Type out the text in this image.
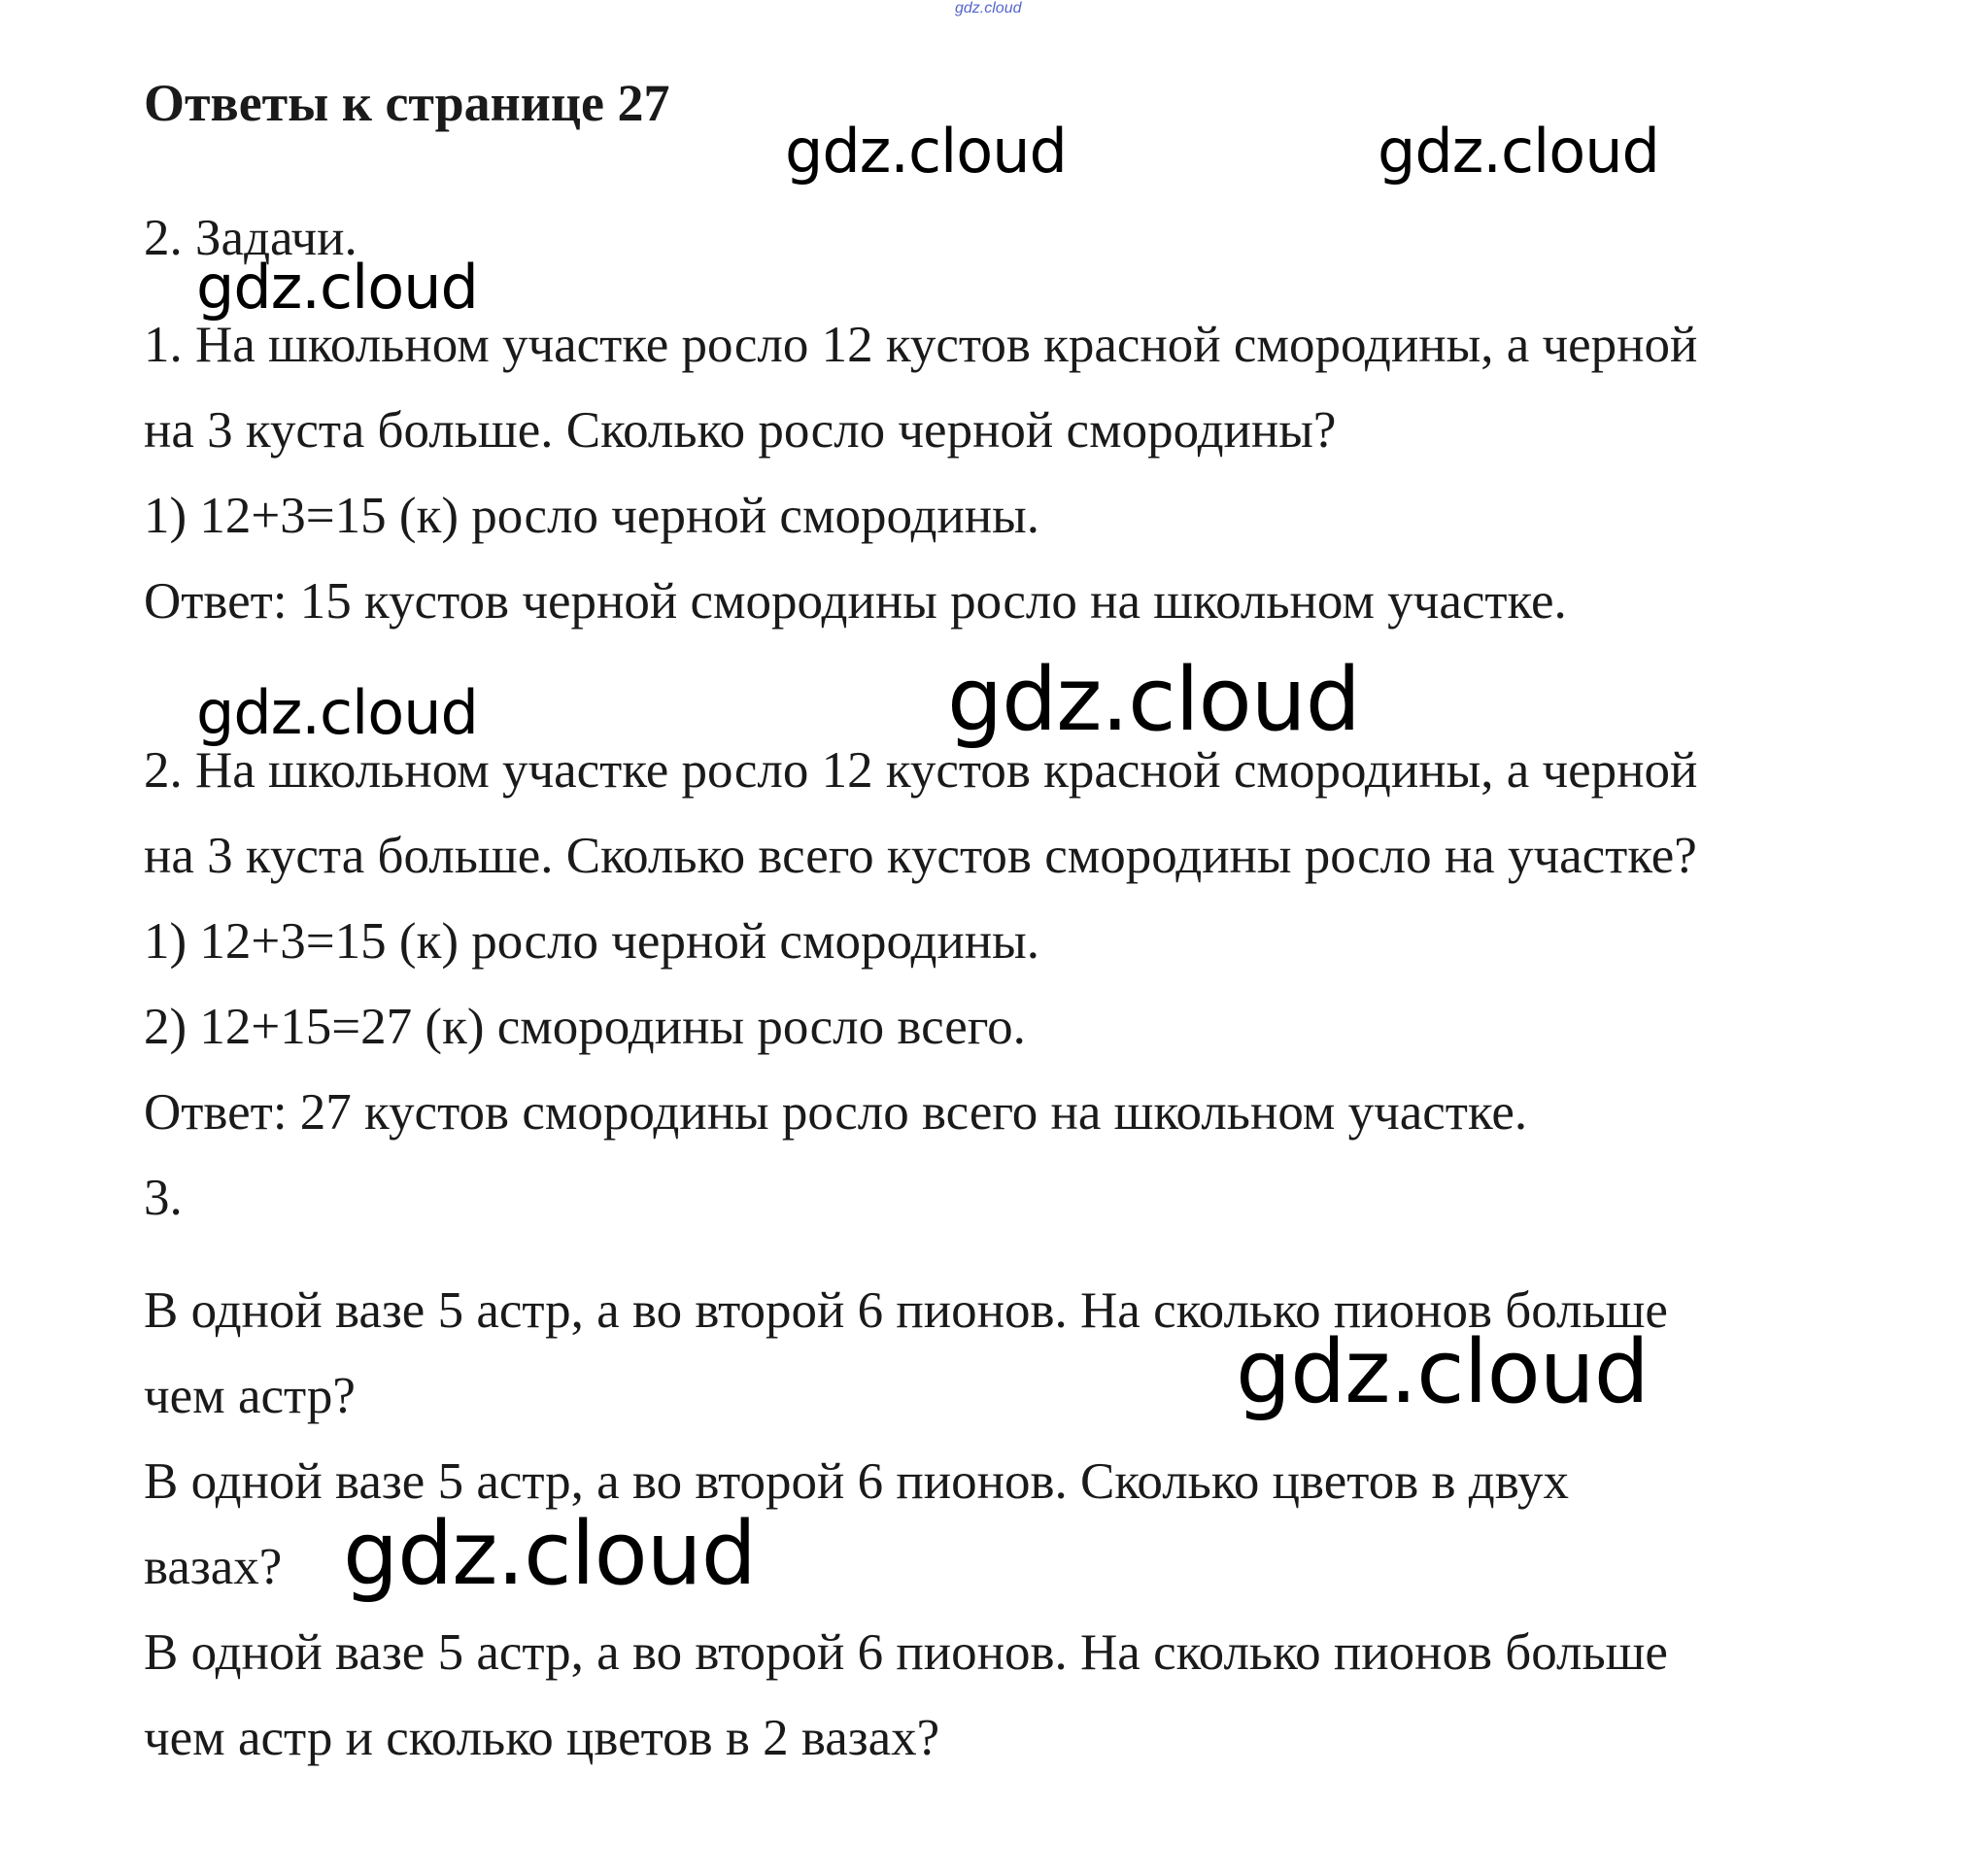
gdz.cloud
Ответы к странице 27
2. Задачи.
1. На школьном участке росло 12 кустов красной смородины, а черной
на 3 куста больше. Сколько росло черной смородины?
1) 12+3=15 (к) росло черной смородины.
Ответ: 15 кустов черной смородины росло на школьном участке.
2. На школьном участке росло 12 кустов красной смородины, а черной
на 3 куста больше. Сколько всего кустов смородины росло на участке?
1) 12+3=15 (к) росло черной смородины.
2) 12+15=27 (к) смородины росло всего.
Ответ: 27 кустов смородины росло всего на школьном участке.
3.
В одной вазе 5 астр, а во второй 6 пионов. На сколько пионов больше
чем астр?
В одной вазе 5 астр, а во второй 6 пионов. Сколько цветов в двух
вазах?
В одной вазе 5 астр, а во второй 6 пионов. На сколько пионов больше
чем астр и сколько цветов в 2 вазах?
gdz.cloud	gdz.cloud
gdz.cloud
gdz.cloud	gdz.cloud
gdz.cloud
gdz.cloud
